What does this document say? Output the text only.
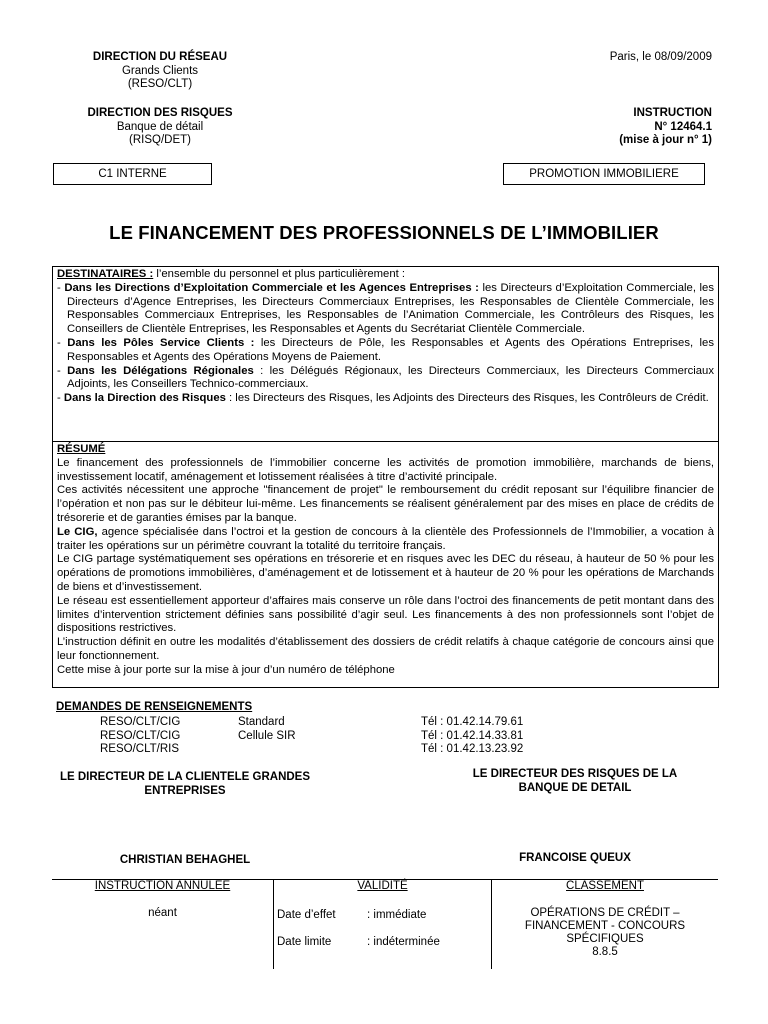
DIRECTION DU RÉSEAU
Grands Clients
(RESO/CLT)
DIRECTION DES RISQUES
Banque de détail
(RISQ/DET)
Paris, le 08/09/2009
INSTRUCTION
N° 12464.1
(mise à jour n° 1)
C1 INTERNE	PROMOTION IMMOBILIERE
LE FINANCEMENT DES PROFESSIONNELS DE L’IMMOBILIER

DESTINATAIRES : l’ensemble du personnel et plus particulièrement :

- Dans les Directions d’Exploitation Commerciale et les Agences Entreprises : les Directeurs d’Exploitation Commerciale, les Directeurs d’Agence Entreprises, les Directeurs Commerciaux Entreprises, les Responsables de Clientèle Commerciale, les Responsables Commerciaux Entreprises, les Responsables de l’Animation Commerciale, les Contrôleurs des Risques, les Conseillers de Clientèle Entreprises, les Responsables et Agents du Secrétariat Clientèle Commerciale.

- Dans les Pôles Service Clients : les Directeurs de Pôle, les Responsables et Agents des Opérations Entreprises, les Responsables et Agents des Opérations Moyens de Paiement.

- Dans les Délégations Régionales : les Délégués Régionaux, les Directeurs Commerciaux, les Directeurs Commerciaux Adjoints, les Conseillers Technico-commerciaux.

- Dans la Direction des Risques : les Directeurs des Risques, les Adjoints des Directeurs des Risques, les Contrôleurs de Crédit.

RÉSUMÉ

Le financement des professionnels de l’immobilier concerne les activités de promotion immobilière, marchands de biens, investissement locatif, aménagement et lotissement réalisées à titre d’activité principale.

Ces activités nécessitent une approche "financement de projet" le remboursement du crédit reposant sur l’équilibre financier de l’opération et non pas sur le débiteur lui-même. Les financements se réalisent généralement par des mises en place de crédits de trésorerie et de garanties émises par la banque.

Le CIG, agence spécialisée dans l’octroi et la gestion de concours à la clientèle des Professionnels de l’Immobilier, a vocation à traiter les opérations sur un périmètre couvrant la totalité du territoire français.

Le CIG partage systématiquement ses opérations en trésorerie et en risques avec les DEC du réseau, à hauteur de 50 % pour les opérations de promotions immobilières, d’aménagement et de lotissement et à hauteur de 20 % pour les opérations de Marchands de biens et d’investissement.

Le réseau est essentiellement apporteur d’affaires mais conserve un rôle dans l’octroi des financements de petit montant dans des limites d’intervention strictement définies sans possibilité d’agir seul. Les financements à des non professionnels sont l’objet de dispositions restrictives.

L’instruction définit en outre les modalités d’établissement des dossiers de crédit relatifs à chaque catégorie de concours ainsi que leur fonctionnement.

Cette mise à jour porte sur la mise à jour d’un numéro de téléphone

DEMANDES DE RENSEIGNEMENTS
RESO/CLT/CIG	Standard	Tél : 01.42.14.79.61
RESO/CLT/CIG	Cellule SIR	Tél : 01.42.14.33.81
RESO/CLT/RIS		Tél : 01.42.13.23.92
LE DIRECTEUR DE LA CLIENTELE GRANDES
ENTREPRISES
CHRISTIAN BEHAGHEL
LE DIRECTEUR DES RISQUES DE LA
BANQUE DE DETAIL
FRANCOISE QUEUX
INSTRUCTION ANNULEE
néant
VALIDITÉ
Date d’effet	: immédiate
Date limite	: indéterminée
CLASSEMENT
OPÉRATIONS DE CRÉDIT –
FINANCEMENT - CONCOURS
SPÉCIFIQUES
8.8.5
